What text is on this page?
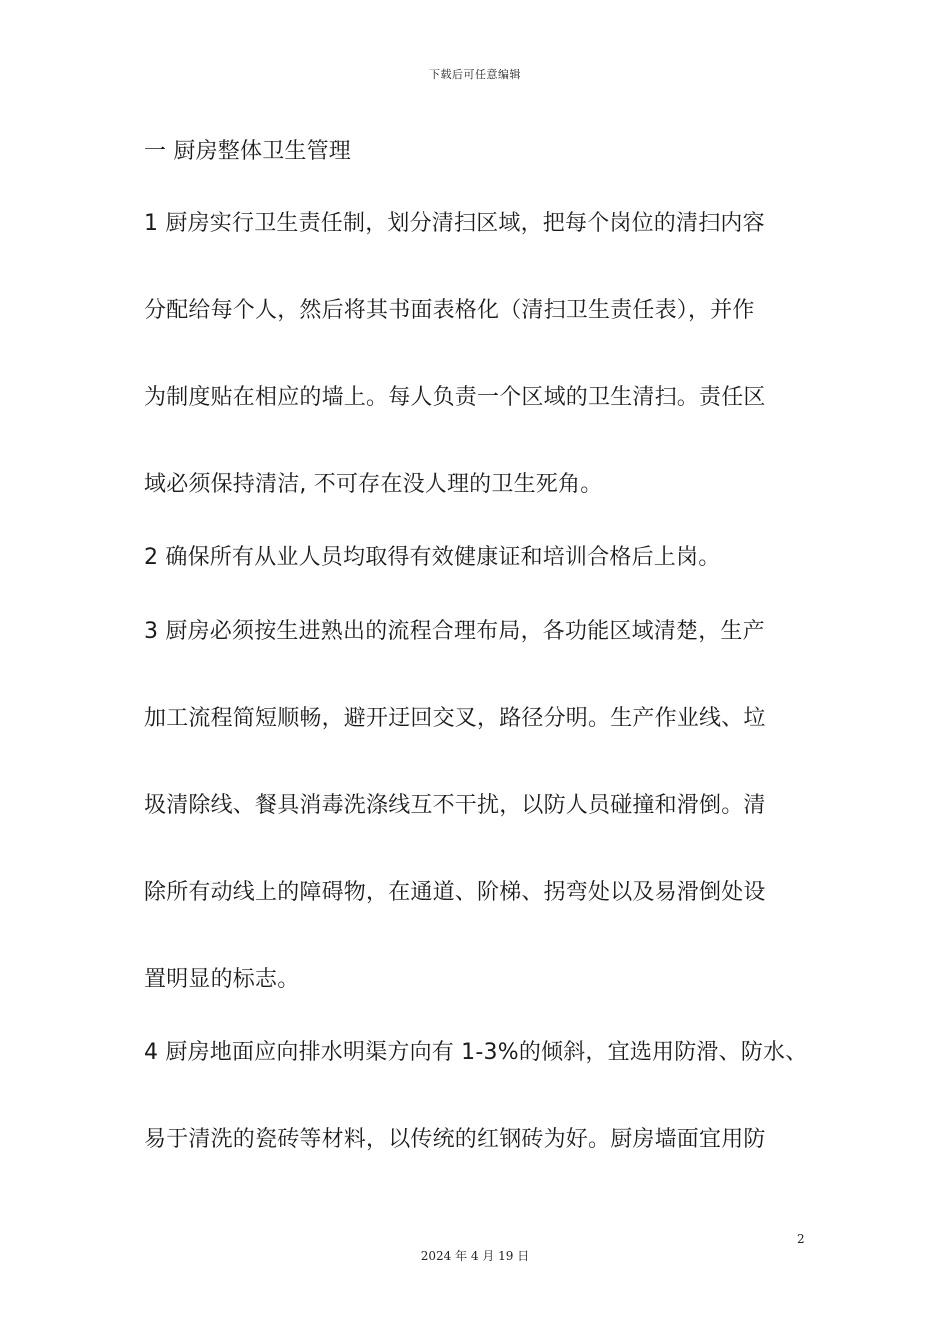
下载后可任意编辑
一 厨房整体卫生管理
1 厨房实行卫生责任制，划分清扫区域，把每个岗位的清扫内容
分配给每个人，然后将其书面表格化（清扫卫生责任表），并作
为制度贴在相应的墙上。每人负责一个区域的卫生清扫。责任区
域必须保持清洁, 不可存在没人理的卫生死角。
2 确保所有从业人员均取得有效健康证和培训合格后上岗。
3 厨房必须按生进熟出的流程合理布局，各功能区域清楚，生产
加工流程简短顺畅，避开迂回交叉，路径分明。生产作业线、垃
圾清除线、餐具消毒洗涤线互不干扰，以防人员碰撞和滑倒。清
除所有动线上的障碍物，在通道、阶梯、拐弯处以及易滑倒处设
置明显的标志。
4 厨房地面应向排水明渠方向有 1-3%的倾斜，宜选用防滑、防水、
易于清洗的瓷砖等材料，以传统的红钢砖为好。厨房墙面宜用防
2
2024 年 4 月 19 日
